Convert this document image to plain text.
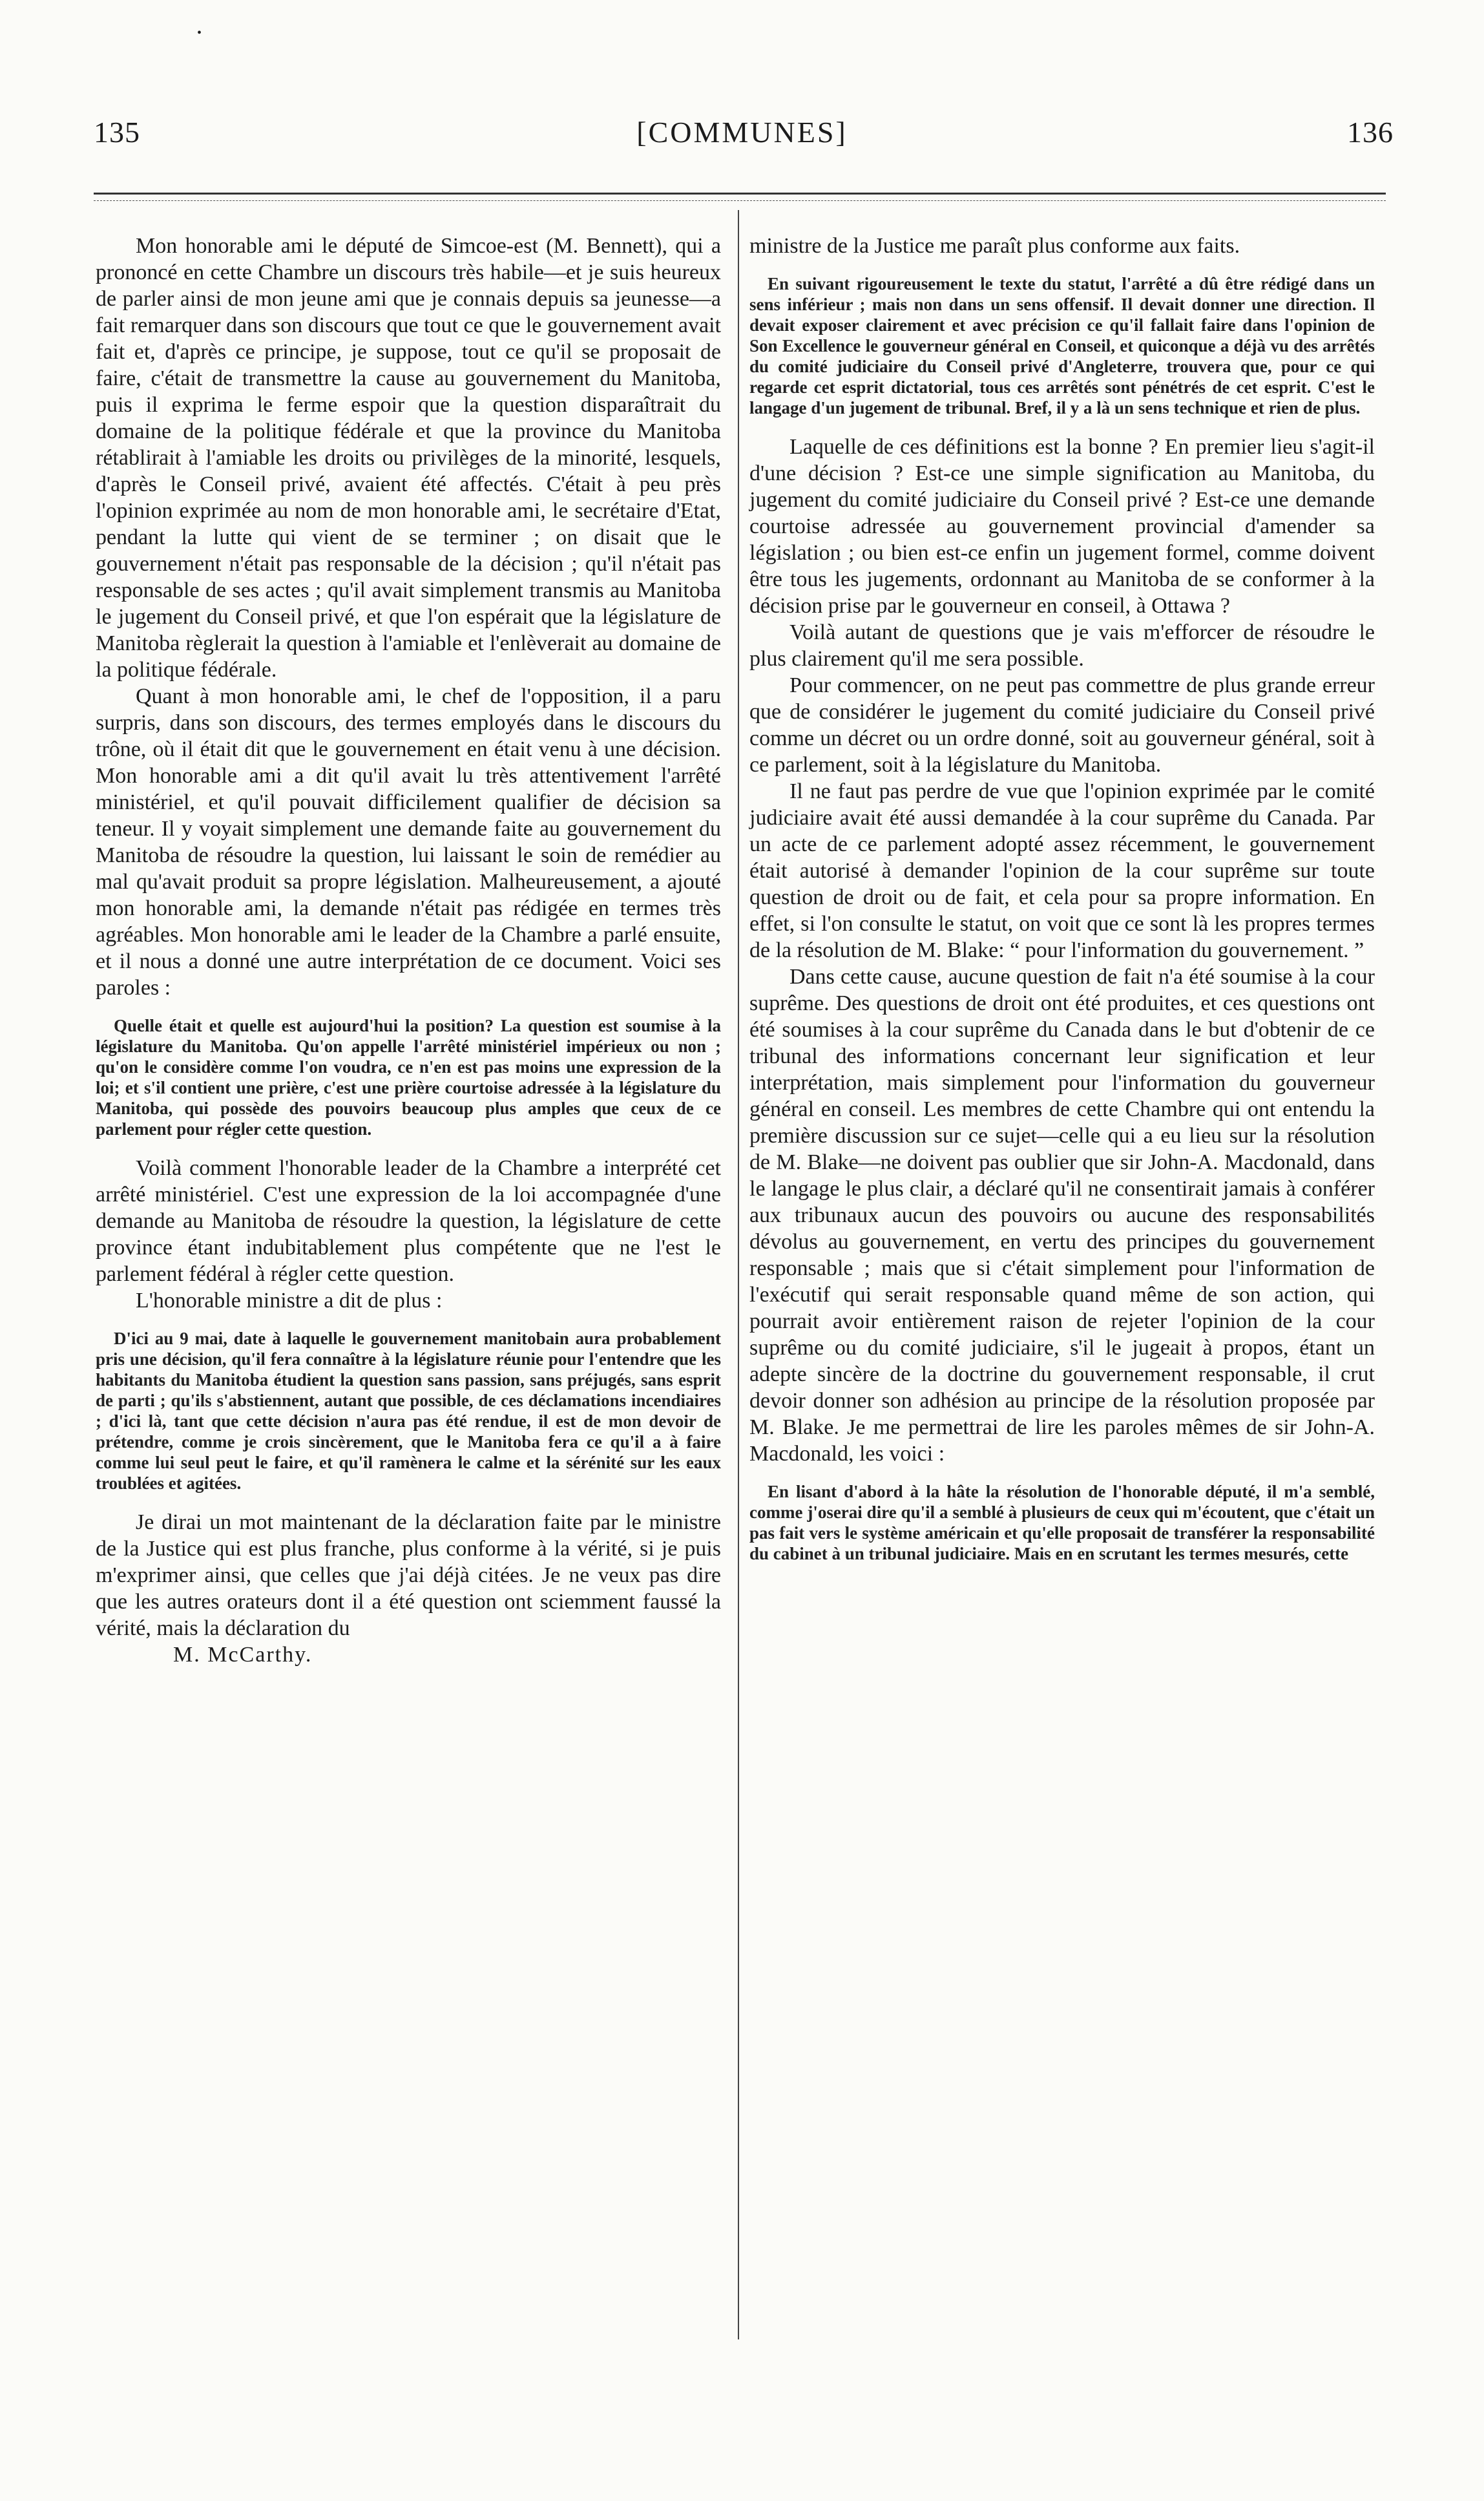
•
135	[COMMUNES]	136

Mon honorable ami le député de Simcoe-est (M. Bennett), qui a prononcé en cette Chambre un discours très habile—et je suis heureux de parler ainsi de mon jeune ami que je connais depuis sa jeunesse—a fait remarquer dans son discours que tout ce que le gouvernement avait fait et, d'après ce principe, je suppose, tout ce qu'il se proposait de faire, c'était de transmettre la cause au gouvernement du Manitoba, puis il exprima le ferme espoir que la question disparaîtrait du domaine de la politique fédérale et que la province du Manitoba rétablirait à l'amiable les droits ou privilèges de la minorité, lesquels, d'après le Conseil privé, avaient été affectés. C'était à peu près l'opinion exprimée au nom de mon honorable ami, le secrétaire d'Etat, pendant la lutte qui vient de se terminer ; on disait que le gouvernement n'était pas responsable de la décision ; qu'il n'était pas responsable de ses actes ; qu'il avait simplement transmis au Manitoba le jugement du Conseil privé, et que l'on espérait que la législature de Manitoba règlerait la question à l'amiable et l'enlèverait au domaine de la politique fédérale.

Quant à mon honorable ami, le chef de l'opposition, il a paru surpris, dans son discours, des termes employés dans le discours du trône, où il était dit que le gouvernement en était venu à une décision. Mon honorable ami a dit qu'il avait lu très attentivement l'arrêté ministériel, et qu'il pouvait difficilement qualifier de décision sa teneur. Il y voyait simplement une demande faite au gouvernement du Manitoba de résoudre la question, lui laissant le soin de remédier au mal qu'avait produit sa propre législation. Malheureusement, a ajouté mon honorable ami, la demande n'était pas rédigée en termes très agréables. Mon honorable ami le leader de la Chambre a parlé ensuite, et il nous a donné une autre interprétation de ce document. Voici ses paroles :

Quelle était et quelle est aujourd'hui la position? La question est soumise à la législature du Manitoba. Qu'on appelle l'arrêté ministériel impérieux ou non ; qu'on le considère comme l'on voudra, ce n'en est pas moins une expression de la loi; et s'il contient une prière, c'est une prière courtoise adressée à la législature du Manitoba, qui possède des pouvoirs beaucoup plus amples que ceux de ce parlement pour régler cette question.

Voilà comment l'honorable leader de la Chambre a interprété cet arrêté ministériel. C'est une expression de la loi accompagnée d'une demande au Manitoba de résoudre la question, la législature de cette province étant indubitablement plus compétente que ne l'est le parlement fédéral à régler cette question.

L'honorable ministre a dit de plus :

D'ici au 9 mai, date à laquelle le gouvernement manitobain aura probablement pris une décision, qu'il fera connaître à la législature réunie pour l'entendre que les habitants du Manitoba étudient la question sans passion, sans préjugés, sans esprit de parti ; qu'ils s'abstiennent, autant que possible, de ces déclamations incendiaires ; d'ici là, tant que cette décision n'aura pas été rendue, il est de mon devoir de prétendre, comme je crois sincèrement, que le Manitoba fera ce qu'il a à faire comme lui seul peut le faire, et qu'il ramènera le calme et la sérénité sur les eaux troublées et agitées.

Je dirai un mot maintenant de la déclaration faite par le ministre de la Justice qui est plus franche, plus conforme à la vérité, si je puis m'exprimer ainsi, que celles que j'ai déjà citées. Je ne veux pas dire que les autres orateurs dont il a été question ont sciemment faussé la vérité, mais la déclaration du

M. McCarthy.

ministre de la Justice me paraît plus conforme aux faits.

En suivant rigoureusement le texte du statut, l'arrêté a dû être rédigé dans un sens inférieur ; mais non dans un sens offensif. Il devait donner une direction. Il devait exposer clairement et avec précision ce qu'il fallait faire dans l'opinion de Son Excellence le gouverneur général en Conseil, et quiconque a déjà vu des arrêtés du comité judiciaire du Conseil privé d'Angleterre, trouvera que, pour ce qui regarde cet esprit dictatorial, tous ces arrêtés sont pénétrés de cet esprit. C'est le langage d'un jugement de tribunal. Bref, il y a là un sens technique et rien de plus.

Laquelle de ces définitions est la bonne ? En premier lieu s'agit-il d'une décision ? Est-ce une simple signification au Manitoba, du jugement du comité judiciaire du Conseil privé ? Est-ce une demande courtoise adressée au gouvernement provincial d'amender sa législation ; ou bien est-ce enfin un jugement formel, comme doivent être tous les jugements, ordonnant au Manitoba de se conformer à la décision prise par le gouverneur en conseil, à Ottawa ?

Voilà autant de questions que je vais m'efforcer de résoudre le plus clairement qu'il me sera possible.

Pour commencer, on ne peut pas commettre de plus grande erreur que de considérer le jugement du comité judiciaire du Conseil privé comme un décret ou un ordre donné, soit au gouverneur général, soit à ce parlement, soit à la législature du Manitoba.

Il ne faut pas perdre de vue que l'opinion exprimée par le comité judiciaire avait été aussi demandée à la cour suprême du Canada. Par un acte de ce parlement adopté assez récemment, le gouvernement était autorisé à demander l'opinion de la cour suprême sur toute question de droit ou de fait, et cela pour sa propre information. En effet, si l'on consulte le statut, on voit que ce sont là les propres termes de la résolution de M. Blake: “ pour l'information du gouvernement. ”

Dans cette cause, aucune question de fait n'a été soumise à la cour suprême. Des questions de droit ont été produites, et ces questions ont été soumises à la cour suprême du Canada dans le but d'obtenir de ce tribunal des informations concernant leur signification et leur interprétation, mais simplement pour l'information du gouverneur général en conseil. Les membres de cette Chambre qui ont entendu la première discussion sur ce sujet—celle qui a eu lieu sur la résolution de M. Blake—ne doivent pas oublier que sir John-A. Macdonald, dans le langage le plus clair, a déclaré qu'il ne consentirait jamais à conférer aux tribunaux aucun des pouvoirs ou aucune des responsabilités dévolus au gouvernement, en vertu des principes du gouvernement responsable ; mais que si c'était simplement pour l'information de l'exécutif qui serait responsable quand même de son action, qui pourrait avoir entièrement raison de rejeter l'opinion de la cour suprême ou du comité judiciaire, s'il le jugeait à propos, étant un adepte sincère de la doctrine du gouvernement responsable, il crut devoir donner son adhésion au principe de la résolution proposée par M. Blake. Je me permettrai de lire les paroles mêmes de sir John-A. Macdonald, les voici :

En lisant d'abord à la hâte la résolution de l'honorable député, il m'a semblé, comme j'oserai dire qu'il a semblé à plusieurs de ceux qui m'écoutent, que c'était un pas fait vers le système américain et qu'elle proposait de transférer la responsabilité du cabinet à un tribunal judiciaire. Mais en en scrutant les termes mesurés, cette
